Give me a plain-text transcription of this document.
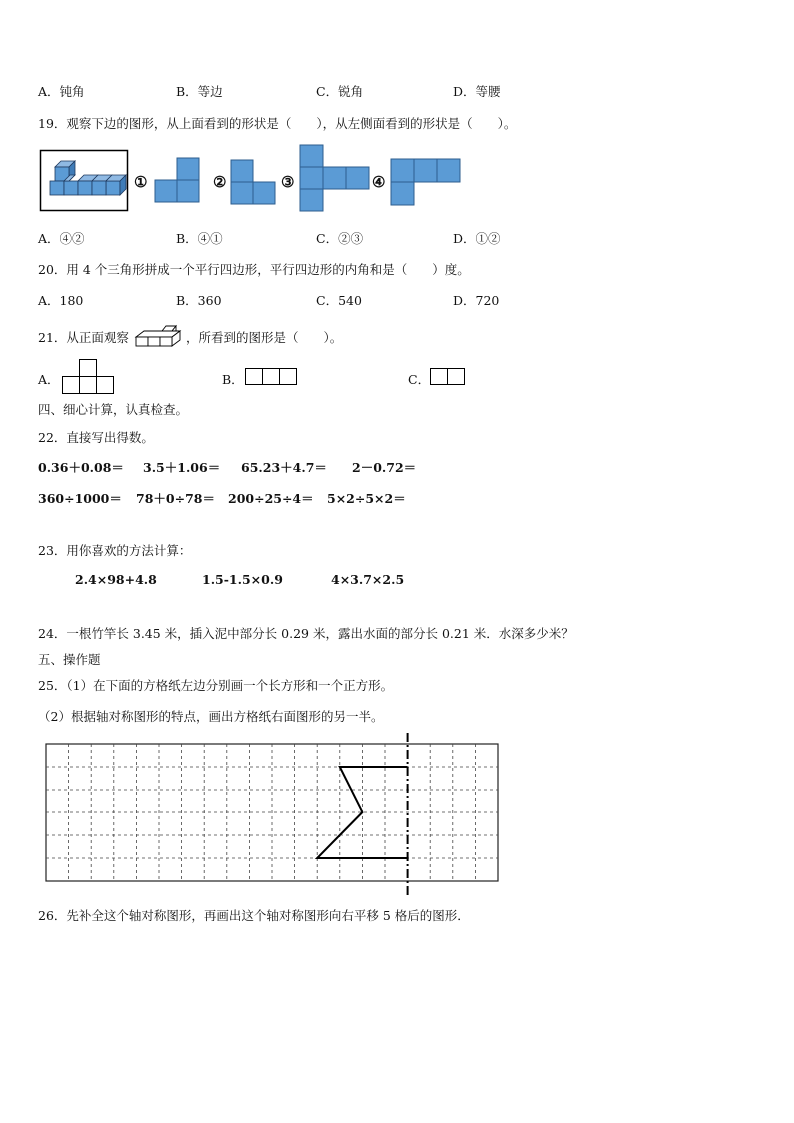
A．钝角	B．等边	C．锐角	D．等腰
19．观察下边的图形，从上面看到的形状是（　　），从左侧面看到的形状是（　　）。
①	②	③	④
A．④②	B．④①	C．②③	D．①②
20．用 4 个三角形拼成一个平行四边形，平行四边形的内角和是（　　）度。
A．180	B．360	C．540	D．720
21．从正面观察	，所看到的图形是（　　）。
A．	B．	C．
四、细心计算，认真检查。
22．直接写出得数。
0.36＋0.08＝ 3.5＋1.06＝ 65.23＋4.7＝ 2－0.72＝
360÷1000＝ 78＋0÷78＝ 200÷25÷4＝ 5×2÷5×2＝
23．用你喜欢的方法计算：
2.4×98+4.8	1.5-1.5×0.9	4×3.7×2.5
24．一根竹竿长 3.45 米，插入泥中部分长 0.29 米，露出水面的部分长 0.21 米．水深多少米？
五、操作题
25．（1）在下面的方格纸左边分别画一个长方形和一个正方形。
（2）根据轴对称图形的特点，画出方格纸右面图形的另一半。
26．先补全这个轴对称图形，再画出这个轴对称图形向右平移 5 格后的图形．
